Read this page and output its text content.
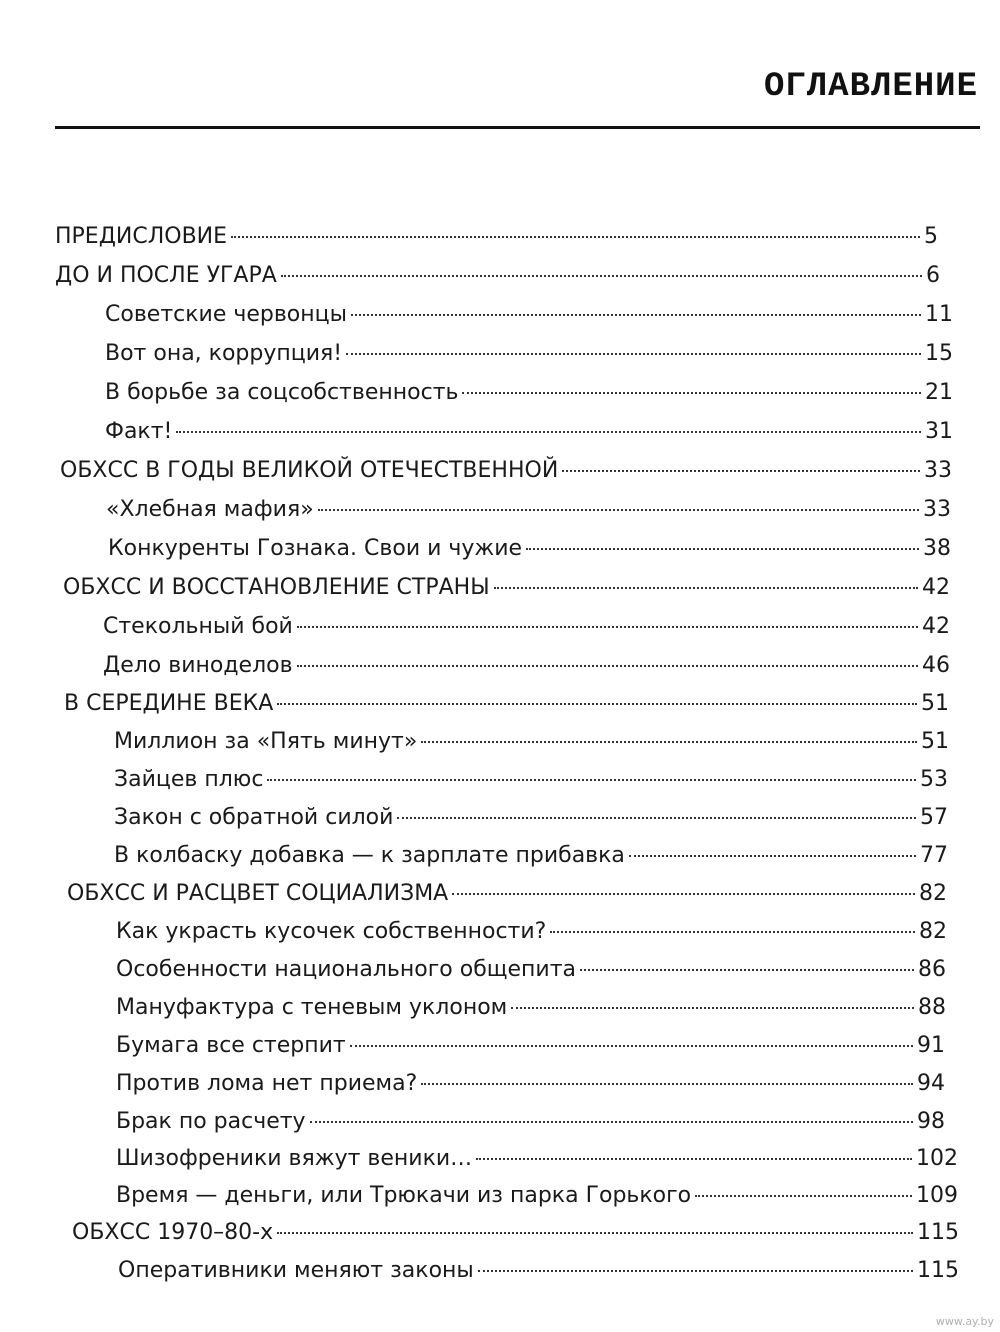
ОГЛАВЛЕНИЕ
ПРЕДИСЛОВИЕ	5
ДО И ПОСЛЕ УГАРА	6
Советские червонцы	11
Вот она, коррупция!	15
В борьбе за соцсобственность	21
Факт!	31
ОБХСС В ГОДЫ ВЕЛИКОЙ ОТЕЧЕСТВЕННОЙ	33
«Хлебная мафия»	33
Конкуренты Гознака. Свои и чужие	38
ОБХСС И ВОССТАНОВЛЕНИЕ СТРАНЫ	42
Стекольный бой	42
Дело виноделов	46
В СЕРЕДИНЕ ВЕКА	51
Миллион за «Пять минут»	51
Зайцев плюс	53
Закон с обратной силой	57
В колбаску добавка — к зарплате прибавка	77
ОБХСС И РАСЦВЕТ СОЦИАЛИЗМА	82
Как украсть кусочек собственности?	82
Особенности национального общепита	86
Мануфактура с теневым уклоном	88
Бумага все стерпит	91
Против лома нет приема?	94
Брак по расчету	98
Шизофреники вяжут веники…	102
Время — деньги, или Трюкачи из парка Горького	109
ОБХСС 1970–80-х	115
Оперативники меняют законы	115
www.ay.by
